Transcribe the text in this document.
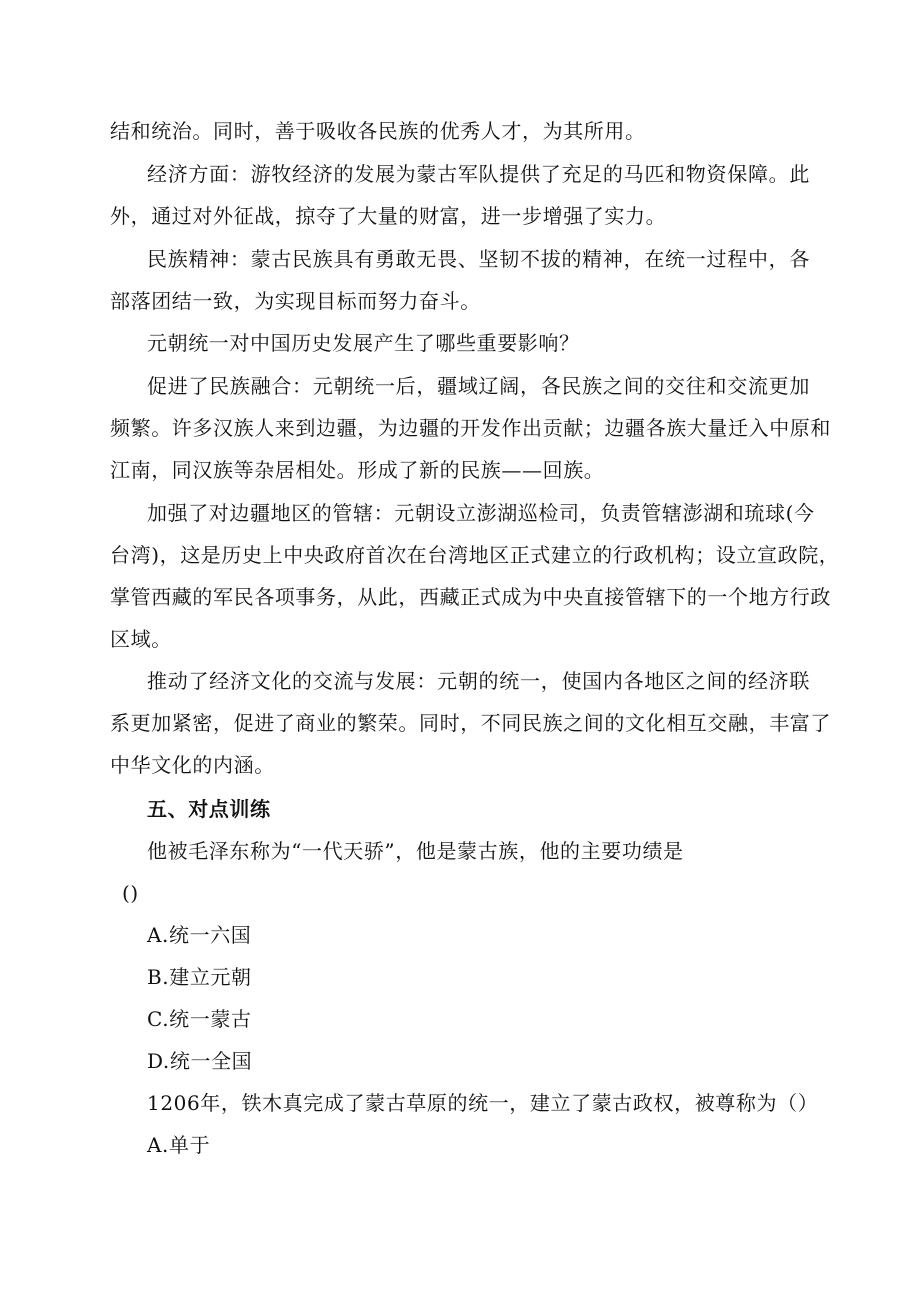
结和统治。同时，善于吸收各民族的优秀人才，为其所用。
经济方面：游牧经济的发展为蒙古军队提供了充足的马匹和物资保障。此
外，通过对外征战，掠夺了大量的财富，进一步增强了实力。
民族精神：蒙古民族具有勇敢无畏、坚韧不拔的精神，在统一过程中，各
部落团结一致，为实现目标而努力奋斗。
元朝统一对中国历史发展产生了哪些重要影响？
促进了民族融合：元朝统一后，疆域辽阔，各民族之间的交往和交流更加
频繁。许多汉族人来到边疆，为边疆的开发作出贡献；边疆各族大量迁入中原和
江南，同汉族等杂居相处。形成了新的民族——回族。
加强了对边疆地区的管辖：元朝设立澎湖巡检司，负责管辖澎湖和琉球(今
台湾)，这是历史上中央政府首次在台湾地区正式建立的行政机构；设立宣政院，
掌管西藏的军民各项事务，从此，西藏正式成为中央直接管辖下的一个地方行政
区域。
推动了经济文化的交流与发展：元朝的统一，使国内各地区之间的经济联
系更加紧密，促进了商业的繁荣。同时，不同民族之间的文化相互交融，丰富了
中华文化的内涵。
五、对点训练
他被毛泽东称为“一代天骄”，他是蒙古族，他的主要功绩是
()
A.统一六国
B.建立元朝
C.统一蒙古
D.统一全国
1206年，铁木真完成了蒙古草原的统一，建立了蒙古政权，被尊称为（）
A.单于
